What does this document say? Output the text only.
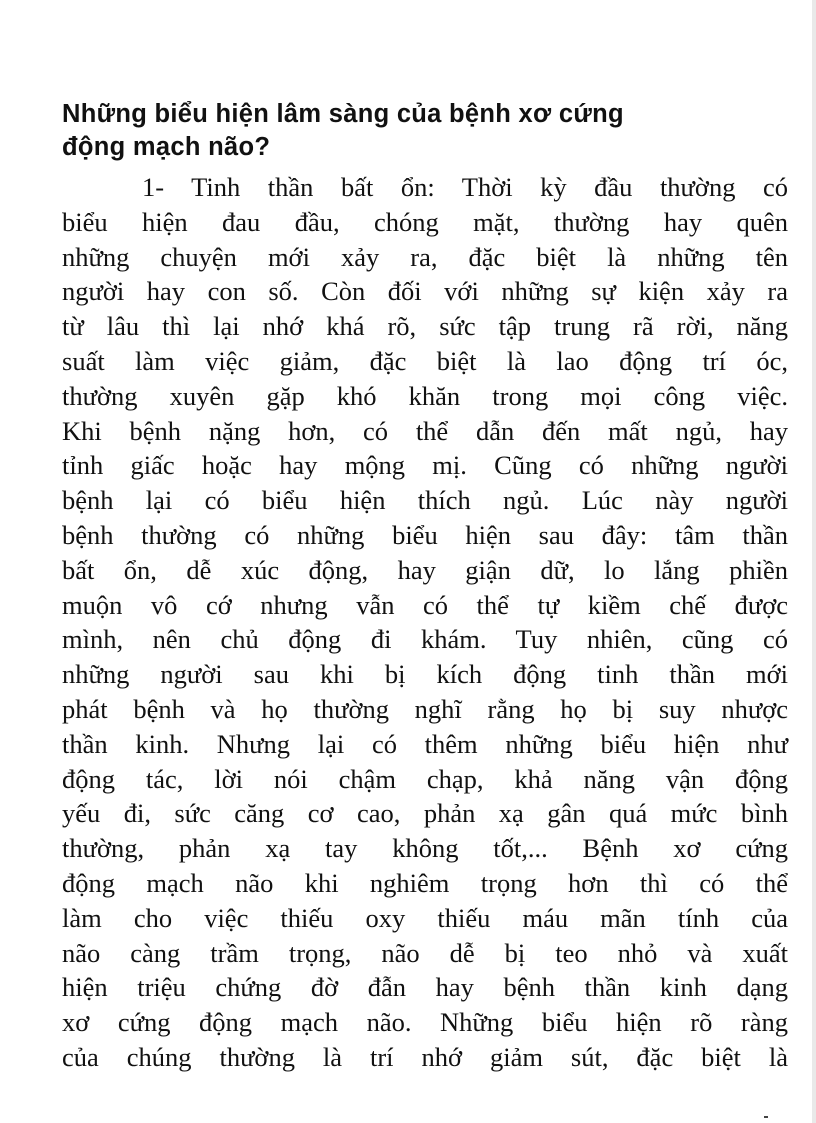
Những biểu hiện lâm sàng của bệnh xơ cứng
động mạch não?
1- Tinh thần bất ổn: Thời kỳ đầu thường có
biểu hiện đau đầu, chóng mặt, thường hay quên
những chuyện mới xảy ra, đặc biệt là những tên
người hay con số. Còn đối với những sự kiện xảy ra
từ lâu thì lại nhớ khá rõ, sức tập trung rã rời, năng
suất làm việc giảm, đặc biệt là lao động trí óc,
thường xuyên gặp khó khăn trong mọi công việc.
Khi bệnh nặng hơn, có thể dẫn đến mất ngủ, hay
tỉnh giấc hoặc hay mộng mị. Cũng có những người
bệnh lại có biểu hiện thích ngủ. Lúc này người
bệnh thường có những biểu hiện sau đây: tâm thần
bất ổn, dễ xúc động, hay giận dữ, lo lắng phiền
muộn vô cớ nhưng vẫn có thể tự kiềm chế được
mình, nên chủ động đi khám. Tuy nhiên, cũng có
những người sau khi bị kích động tinh thần mới
phát bệnh và họ thường nghĩ rằng họ bị suy nhược
thần kinh. Nhưng lại có thêm những biểu hiện như
động tác, lời nói chậm chạp, khả năng vận động
yếu đi, sức căng cơ cao, phản xạ gân quá mức bình
thường, phản xạ tay không tốt,... Bệnh xơ cứng
động mạch não khi nghiêm trọng hơn thì có thể
làm cho việc thiếu oxy thiếu máu mãn tính của
não càng trầm trọng, não dễ bị teo nhỏ và xuất
hiện triệu chứng đờ đẫn hay bệnh thần kinh dạng
xơ cứng động mạch não. Những biểu hiện rõ ràng
của chúng thường là trí nhớ giảm sút, đặc biệt là
